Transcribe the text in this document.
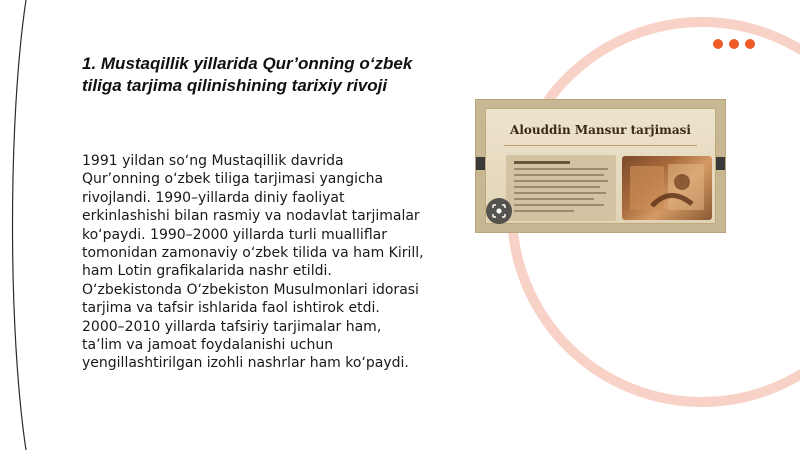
1. Mustaqillik yillarida Qur’onning o‘zbek tiliga tarjima qilinishining tarixiy rivoji

1991 yildan so‘ng Mustaqillik davrida Qur’onning o‘zbek tiliga tarjimasi yangicha rivojlandi. 1990–yillarda diniy faoliyat erkinlashishi bilan rasmiy va nodavlat tarjimalar ko‘paydi. 1990–2000 yillarda turli mualliflar tomonidan zamonaviy o‘zbek tilida va ham Kirill, ham Lotin grafikalarida nashr etildi. O‘zbekistonda O‘zbekiston Musulmonlari idorasi tarjima va tafsir ishlarida faol ishtirok etdi. 2000–2010 yillarda tafsiriy tarjimalar ham, ta’lim va jamoat foydalanishi uchun yengillashtirilgan izohli nashrlar ham ko‘paydi.

Alouddin Mansur tarjimasi
